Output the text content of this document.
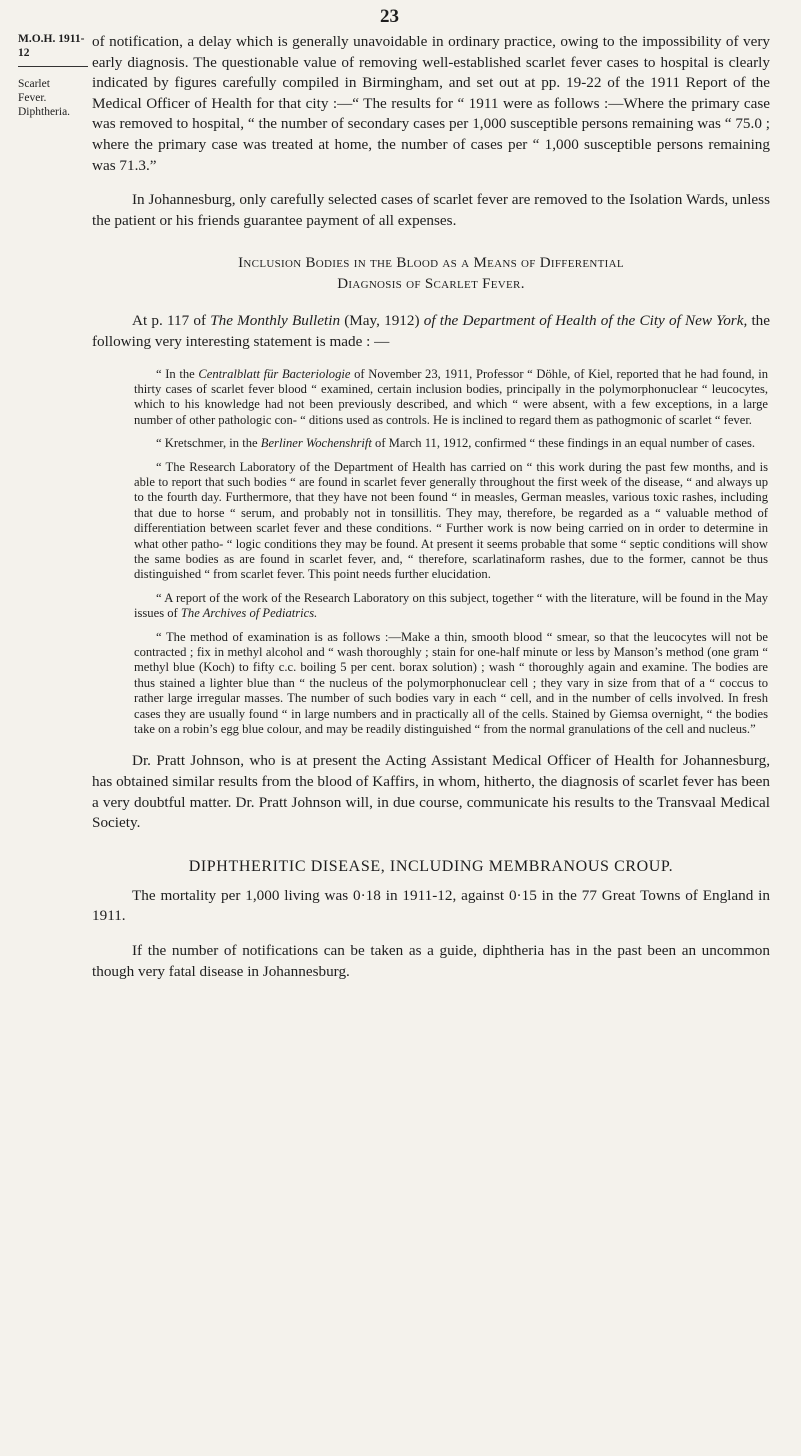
23
M.O.H. 1911-12
Scarlet
Fever.
Diphtheria.

of notification, a delay which is generally unavoidable in ordinary practice, owing to the impossibility of very early diagnosis. The questionable value of removing well-established scarlet fever cases to hospital is clearly indicated by figures carefully compiled in Birmingham, and set out at pp. 19-22 of the 1911 Report of the Medical Officer of Health for that city :—“ The results for “ 1911 were as follows :—Where the primary case was removed to hospital, “ the number of secondary cases per 1,000 susceptible persons remaining was “ 75.0 ; where the primary case was treated at home, the number of cases per “ 1,000 susceptible persons remaining was 71.3.”

In Johannesburg, only carefully selected cases of scarlet fever are removed to the Isolation Wards, unless the patient or his friends guarantee payment of all expenses.

Inclusion Bodies in the Blood as a Means of Differential
Diagnosis of Scarlet Fever.

At p. 117 of The Monthly Bulletin (May, 1912) of the Department of Health of the City of New York, the following very interesting statement is made : —

“ In the Centralblatt für Bacteriologie of November 23, 1911, Professor “ Döhle, of Kiel, reported that he had found, in thirty cases of scarlet fever blood “ examined, certain inclusion bodies, principally in the polymorphonuclear “ leucocytes, which to his knowledge had not been previously described, and which “ were absent, with a few exceptions, in a large number of other pathologic con- “ ditions used as controls. He is inclined to regard them as pathogmonic of scarlet “ fever.

“ Kretschmer, in the Berliner Wochenshrift of March 11, 1912, confirmed “ these findings in an equal number of cases.

“ The Research Laboratory of the Department of Health has carried on “ this work during the past few months, and is able to report that such bodies “ are found in scarlet fever generally throughout the first week of the disease, “ and always up to the fourth day. Furthermore, that they have not been found “ in measles, German measles, various toxic rashes, including that due to horse “ serum, and probably not in tonsillitis. They may, therefore, be regarded as a “ valuable method of differentiation between scarlet fever and these conditions. “ Further work is now being carried on in order to determine in what other patho- “ logic conditions they may be found. At present it seems probable that some “ septic conditions will show the same bodies as are found in scarlet fever, and, “ therefore, scarlatinaform rashes, due to the former, cannot be thus distinguished “ from scarlet fever. This point needs further elucidation.

“ A report of the work of the Research Laboratory on this subject, together “ with the literature, will be found in the May issues of The Archives of Pediatrics.

“ The method of examination is as follows :—Make a thin, smooth blood “ smear, so that the leucocytes will not be contracted ; fix in methyl alcohol and “ wash thoroughly ; stain for one-half minute or less by Manson’s method (one gram “ methyl blue (Koch) to fifty c.c. boiling 5 per cent. borax solution) ; wash “ thoroughly again and examine. The bodies are thus stained a lighter blue than “ the nucleus of the polymorphonuclear cell ; they vary in size from that of a “ coccus to rather large irregular masses. The number of such bodies vary in each “ cell, and in the number of cells involved. In fresh cases they are usually found “ in large numbers and in practically all of the cells. Stained by Giemsa overnight, “ the bodies take on a robin’s egg blue colour, and may be readily distinguished “ from the normal granulations of the cell and nucleus.”

Dr. Pratt Johnson, who is at present the Acting Assistant Medical Officer of Health for Johannesburg, has obtained similar results from the blood of Kaffirs, in whom, hitherto, the diagnosis of scarlet fever has been a very doubtful matter. Dr. Pratt Johnson will, in due course, communicate his results to the Transvaal Medical Society.

DIPHTHERITIC DISEASE, INCLUDING MEMBRANOUS CROUP.

The mortality per 1,000 living was 0·18 in 1911-12, against 0·15 in the 77 Great Towns of England in 1911.

If the number of notifications can be taken as a guide, diphtheria has in the past been an uncommon though very fatal disease in Johannesburg.
